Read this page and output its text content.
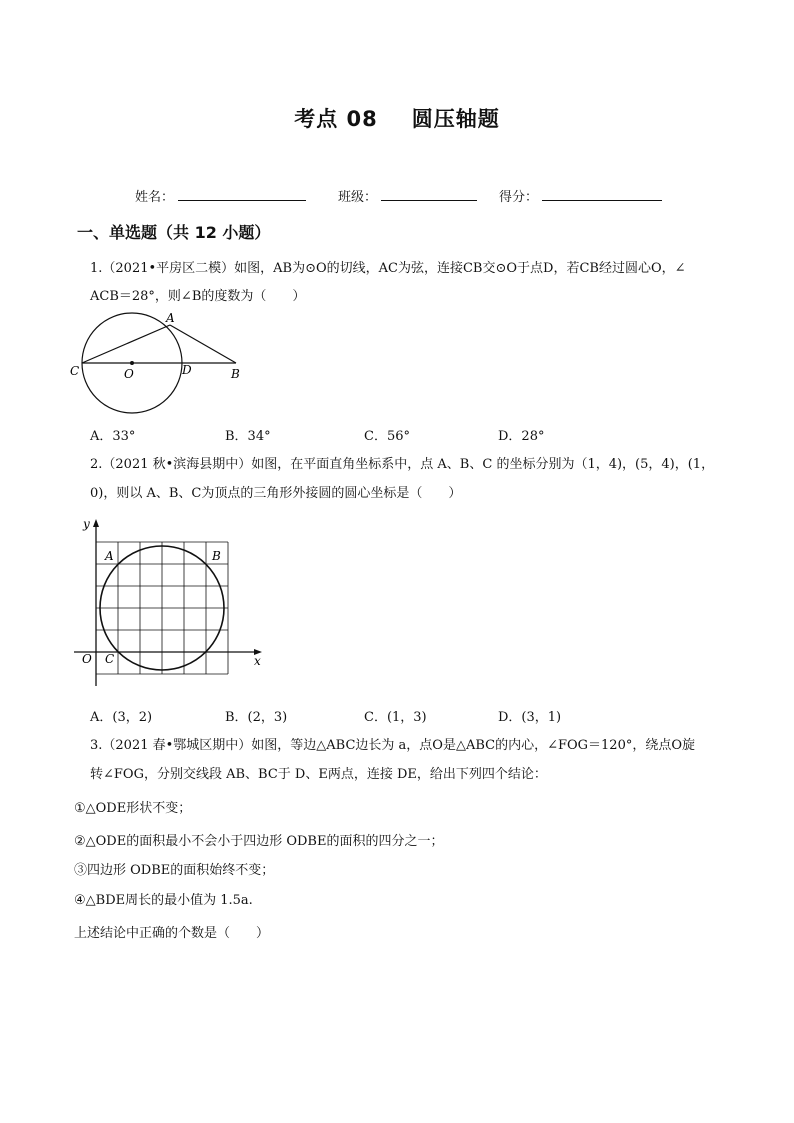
考点 08 圆压轴题
姓名：	班级：	得分：
一、单选题（共 12 小题）
1.（2021•平房区二模）如图，AB为⊙O的切线，AC为弦，连接CB交⊙O于点D，若CB经过圆心O，∠
ACB＝28°，则∠B的度数为（　　）
A
C	O	D	B
A．33°	B．34°	C．56°	D．28°
2.（2021 秋•滨海县期中）如图，在平面直角坐标系中，点 A、B、C 的坐标分别为（1，4)，(5，4)，(1，
0)，则以 A、B、C为顶点的三角形外接圆的圆心坐标是（　　）
y
x
O
A	B
C
A．(3，2)	B．(2，3)	C．(1，3)	D．(3，1)
3.（2021 春•鄂城区期中）如图，等边△ABC边长为 a，点O是△ABC的内心，∠FOG＝120°，绕点O旋
转∠FOG，分别交线段 AB、BC于 D、E两点，连接 DE，给出下列四个结论：
①△ODE形状不变；
②△ODE的面积最小不会小于四边形 ODBE的面积的四分之一；
③四边形 ODBE的面积始终不变；
④△BDE周长的最小值为 1.5a.
上述结论中正确的个数是（　　）
